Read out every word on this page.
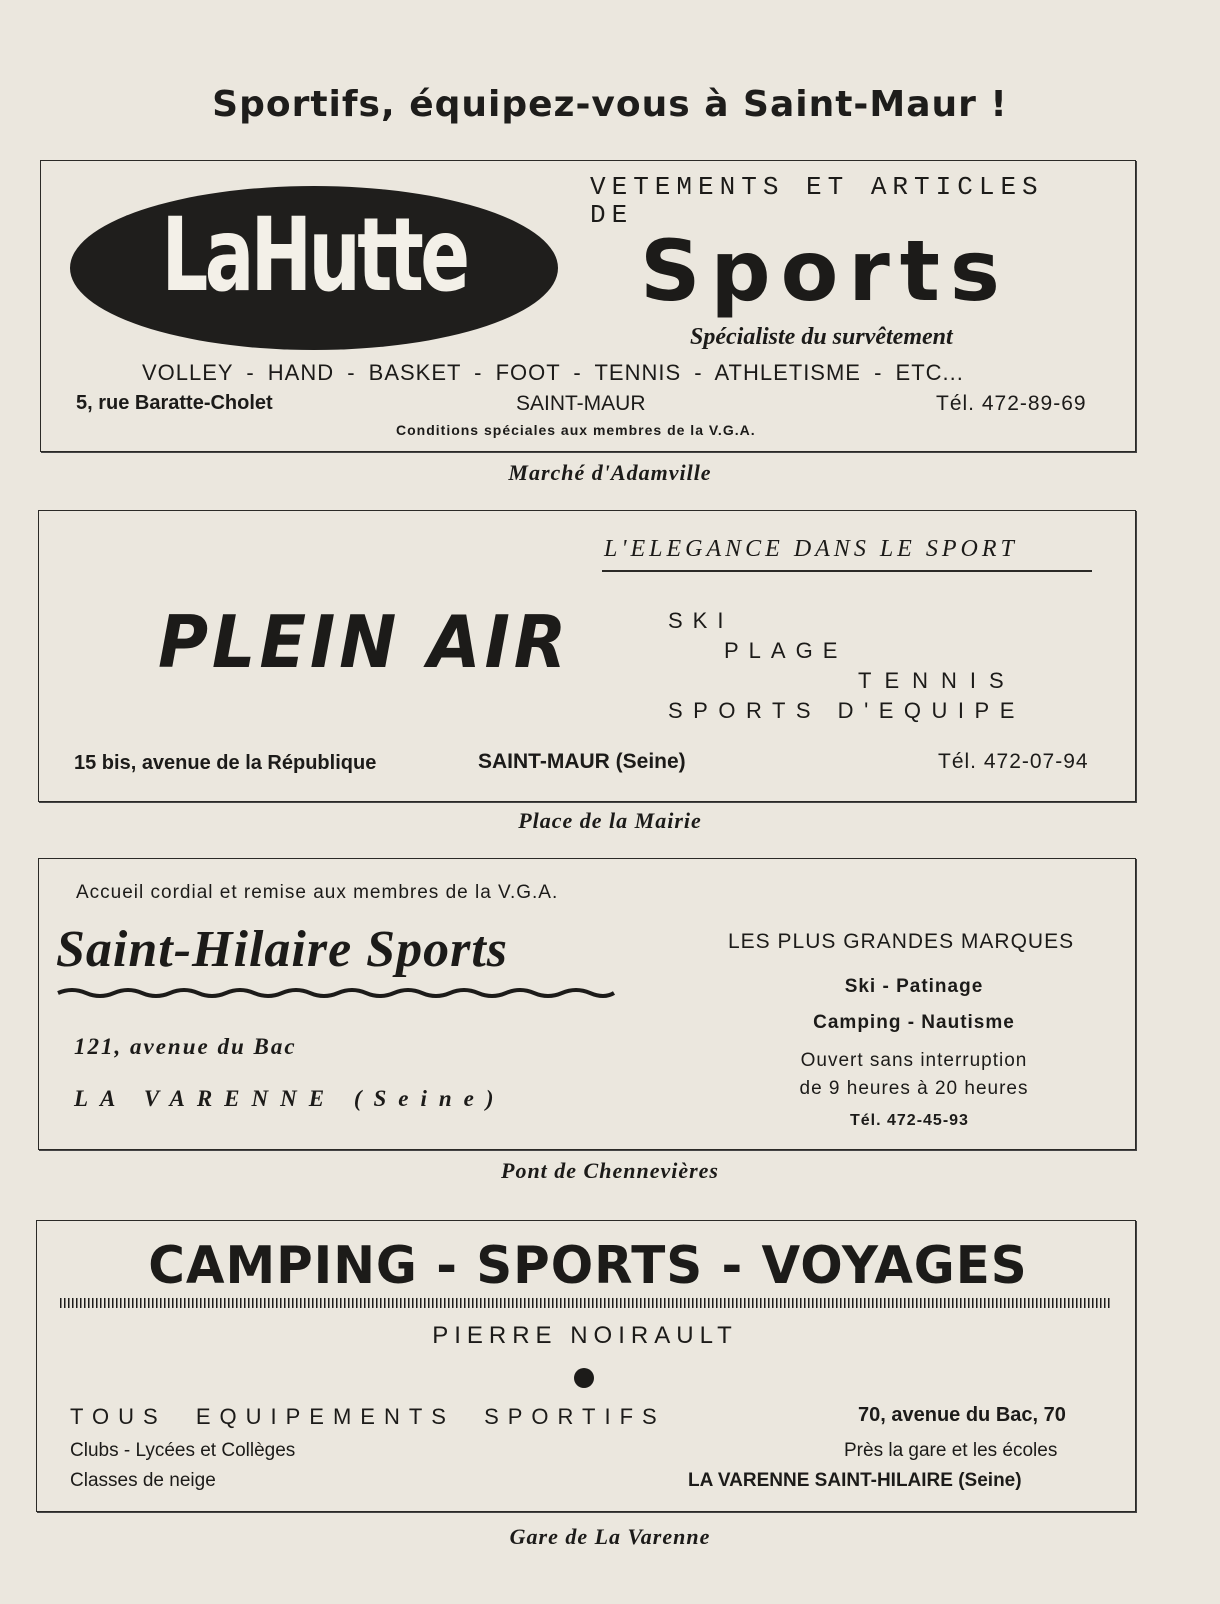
Sportifs, équipez-vous à Saint-Maur !
LaHutte
VETEMENTS ET ARTICLES
DE
Sports
Spécialiste du survêtement
VOLLEY - HAND - BASKET - FOOT - TENNIS - ATHLETISME - ETC...
5, rue Baratte-Cholet	SAINT-MAUR	Tél. 472-89-69
Conditions spéciales aux membres de la V.G.A.
Marché d'Adamville
L'ELEGANCE DANS LE SPORT
PLEIN AIR	SKI
PLAGE
TENNIS
SPORTS D'EQUIPE
15 bis, avenue de la République	SAINT-MAUR (Seine)	Tél. 472-07-94
Place de la Mairie
Accueil cordial et remise aux membres de la V.G.A.
Saint-Hilaire Sports
121, avenue du Bac
LA VARENNE (Seine)
LES PLUS GRANDES MARQUES
Ski - Patinage
Camping - Nautisme
Ouvert sans interruption
de 9 heures à 20 heures
Tél. 472-45-93
Pont de Chennevières
CAMPING - SPORTS - VOYAGES
PIERRE NOIRAULT
TOUS EQUIPEMENTS SPORTIFS
Clubs - Lycées et Collèges
Classes de neige
70, avenue du Bac, 70
Près la gare et les écoles
LA VARENNE SAINT-HILAIRE (Seine)
Gare de La Varenne
